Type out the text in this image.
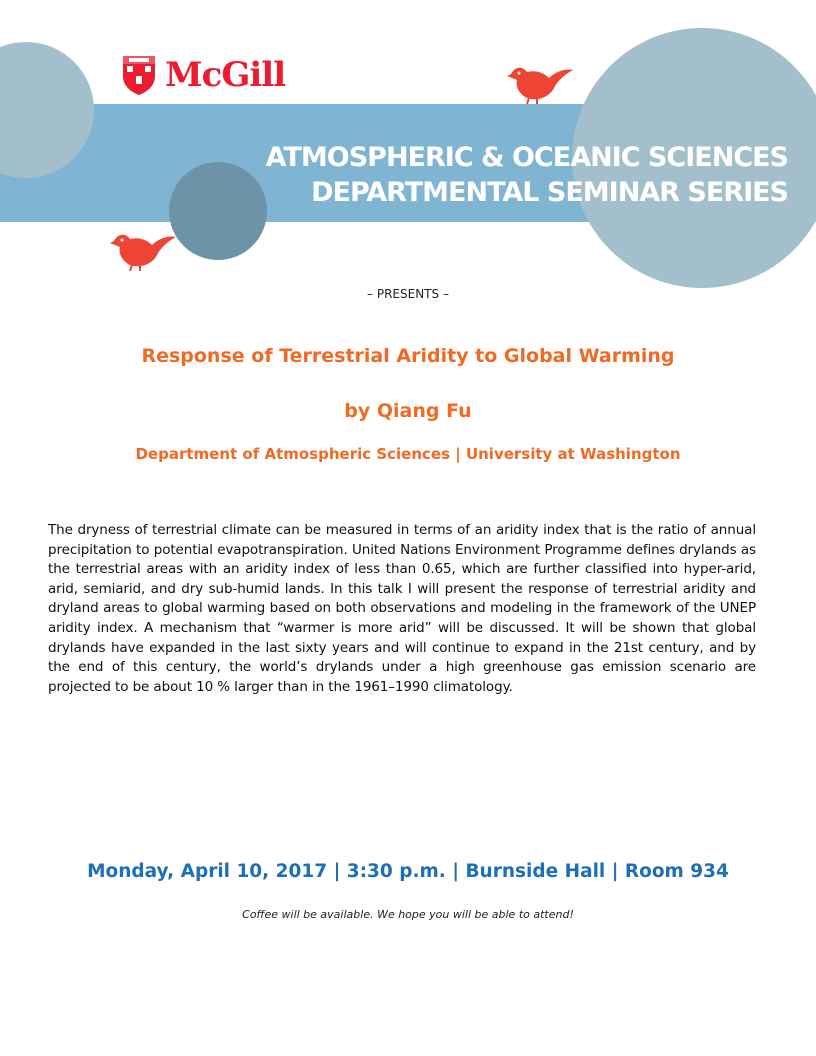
McGill
ATMOSPHERIC & OCEANIC SCIENCES
DEPARTMENTAL SEMINAR SERIES
– PRESENTS –
Response of Terrestrial Aridity to Global Warming
by Qiang Fu
Department of Atmospheric Sciences | University at Washington
The dryness of terrestrial climate can be measured in terms of an aridity index that is the ratio of annual precipitation to potential evapotranspiration. United Nations Environment Programme defines drylands as the terrestrial areas with an aridity index of less than 0.65, which are further classified into hyper-arid, arid, semiarid, and dry sub-humid lands. In this talk I will present the response of terrestrial aridity and dryland areas to global warming based on both observations and modeling in the framework of the UNEP aridity index. A mechanism that “warmer is more arid” will be discussed. It will be shown that global drylands have expanded in the last sixty years and will continue to expand in the 21st century, and by the end of this century, the world’s drylands under a high greenhouse gas emission scenario are projected to be about 10 % larger than in the 1961–1990 climatology.
Monday, April 10, 2017 | 3:30 p.m. | Burnside Hall | Room 934
Coffee will be available. We hope you will be able to attend!
